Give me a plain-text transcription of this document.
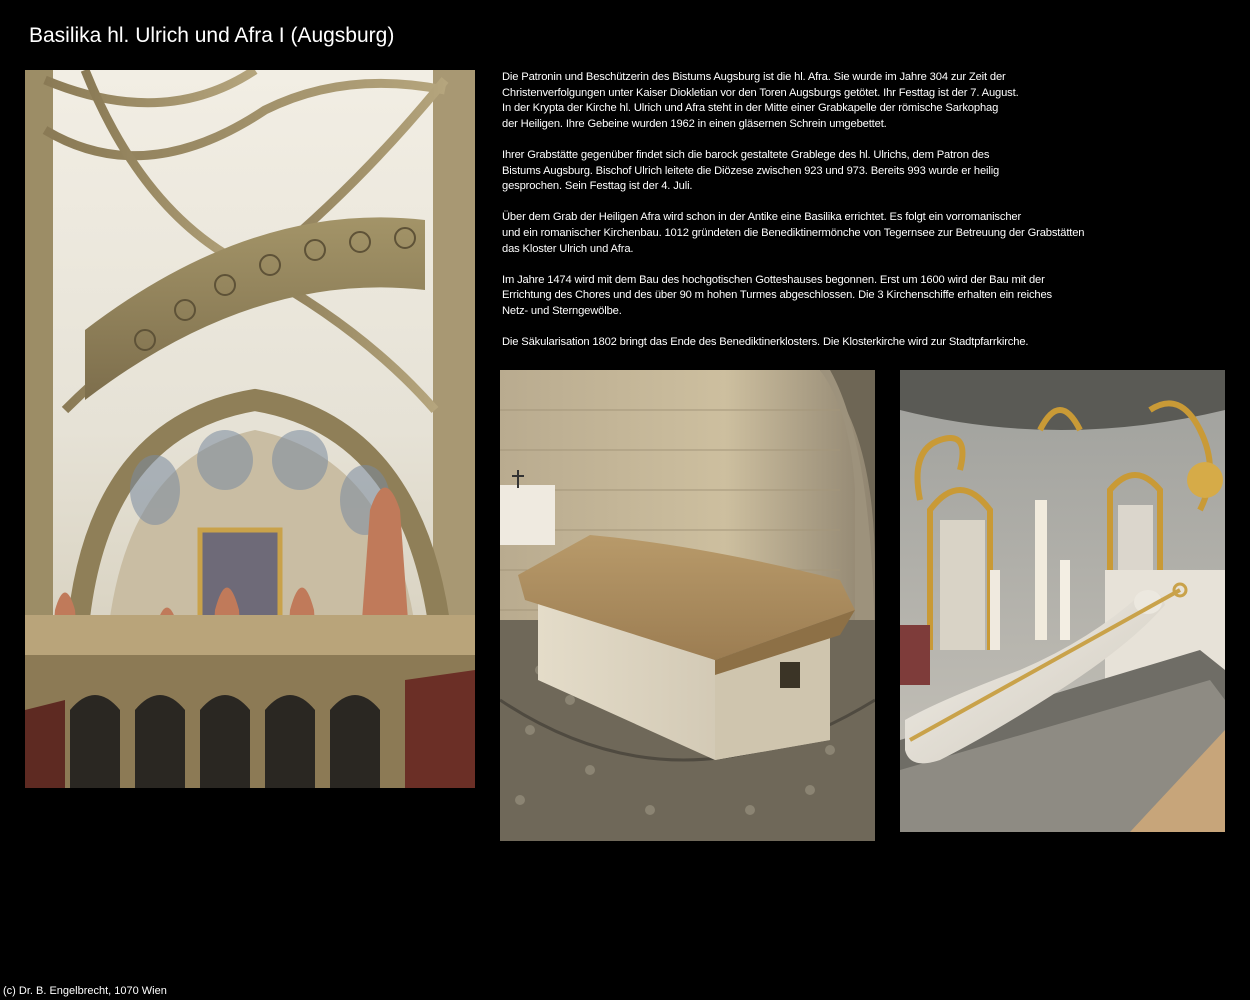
Basilika hl. Ulrich und Afra I (Augsburg)

Die Patronin und Beschützerin des Bistums Augsburg ist die hl. Afra. Sie wurde im Jahre 304 zur Zeit der
Christenverfolgungen unter Kaiser Diokletian vor den Toren Augsburgs getötet. Ihr Festtag ist der 7. August.
In der Krypta der Kirche hl. Ulrich und Afra steht in der Mitte einer Grabkapelle der römische Sarkophag
der Heiligen. Ihre Gebeine wurden 1962 in einen gläsernen Schrein umgebettet.

Ihrer Grabstätte gegenüber findet sich die barock gestaltete Grablege des hl. Ulrichs, dem Patron des
Bistums Augsburg. Bischof Ulrich leitete die Diözese zwischen 923 und 973. Bereits 993 wurde er heilig
gesprochen. Sein Festtag ist der 4. Juli.

Über dem Grab der Heiligen Afra wird schon in der Antike eine Basilika errichtet. Es folgt ein vorromanischer
und ein romanischer Kirchenbau. 1012 gründeten die Benediktinermönche von Tegernsee zur Betreuung der Grabstätten
das Kloster Ulrich und Afra.

Im Jahre 1474 wird mit dem Bau des hochgotischen Gotteshauses begonnen. Erst um 1600 wird der Bau mit der
Errichtung des Chores und des über 90 m hohen Turmes abgeschlossen. Die 3 Kirchenschiffe erhalten ein reiches
Netz- und Sterngewölbe.

Die Säkularisation 1802 bringt das Ende des Benediktinerklosters. Die Klosterkirche wird zur Stadtpfarrkirche.

(c) Dr. B. Engelbrecht, 1070 Wien
